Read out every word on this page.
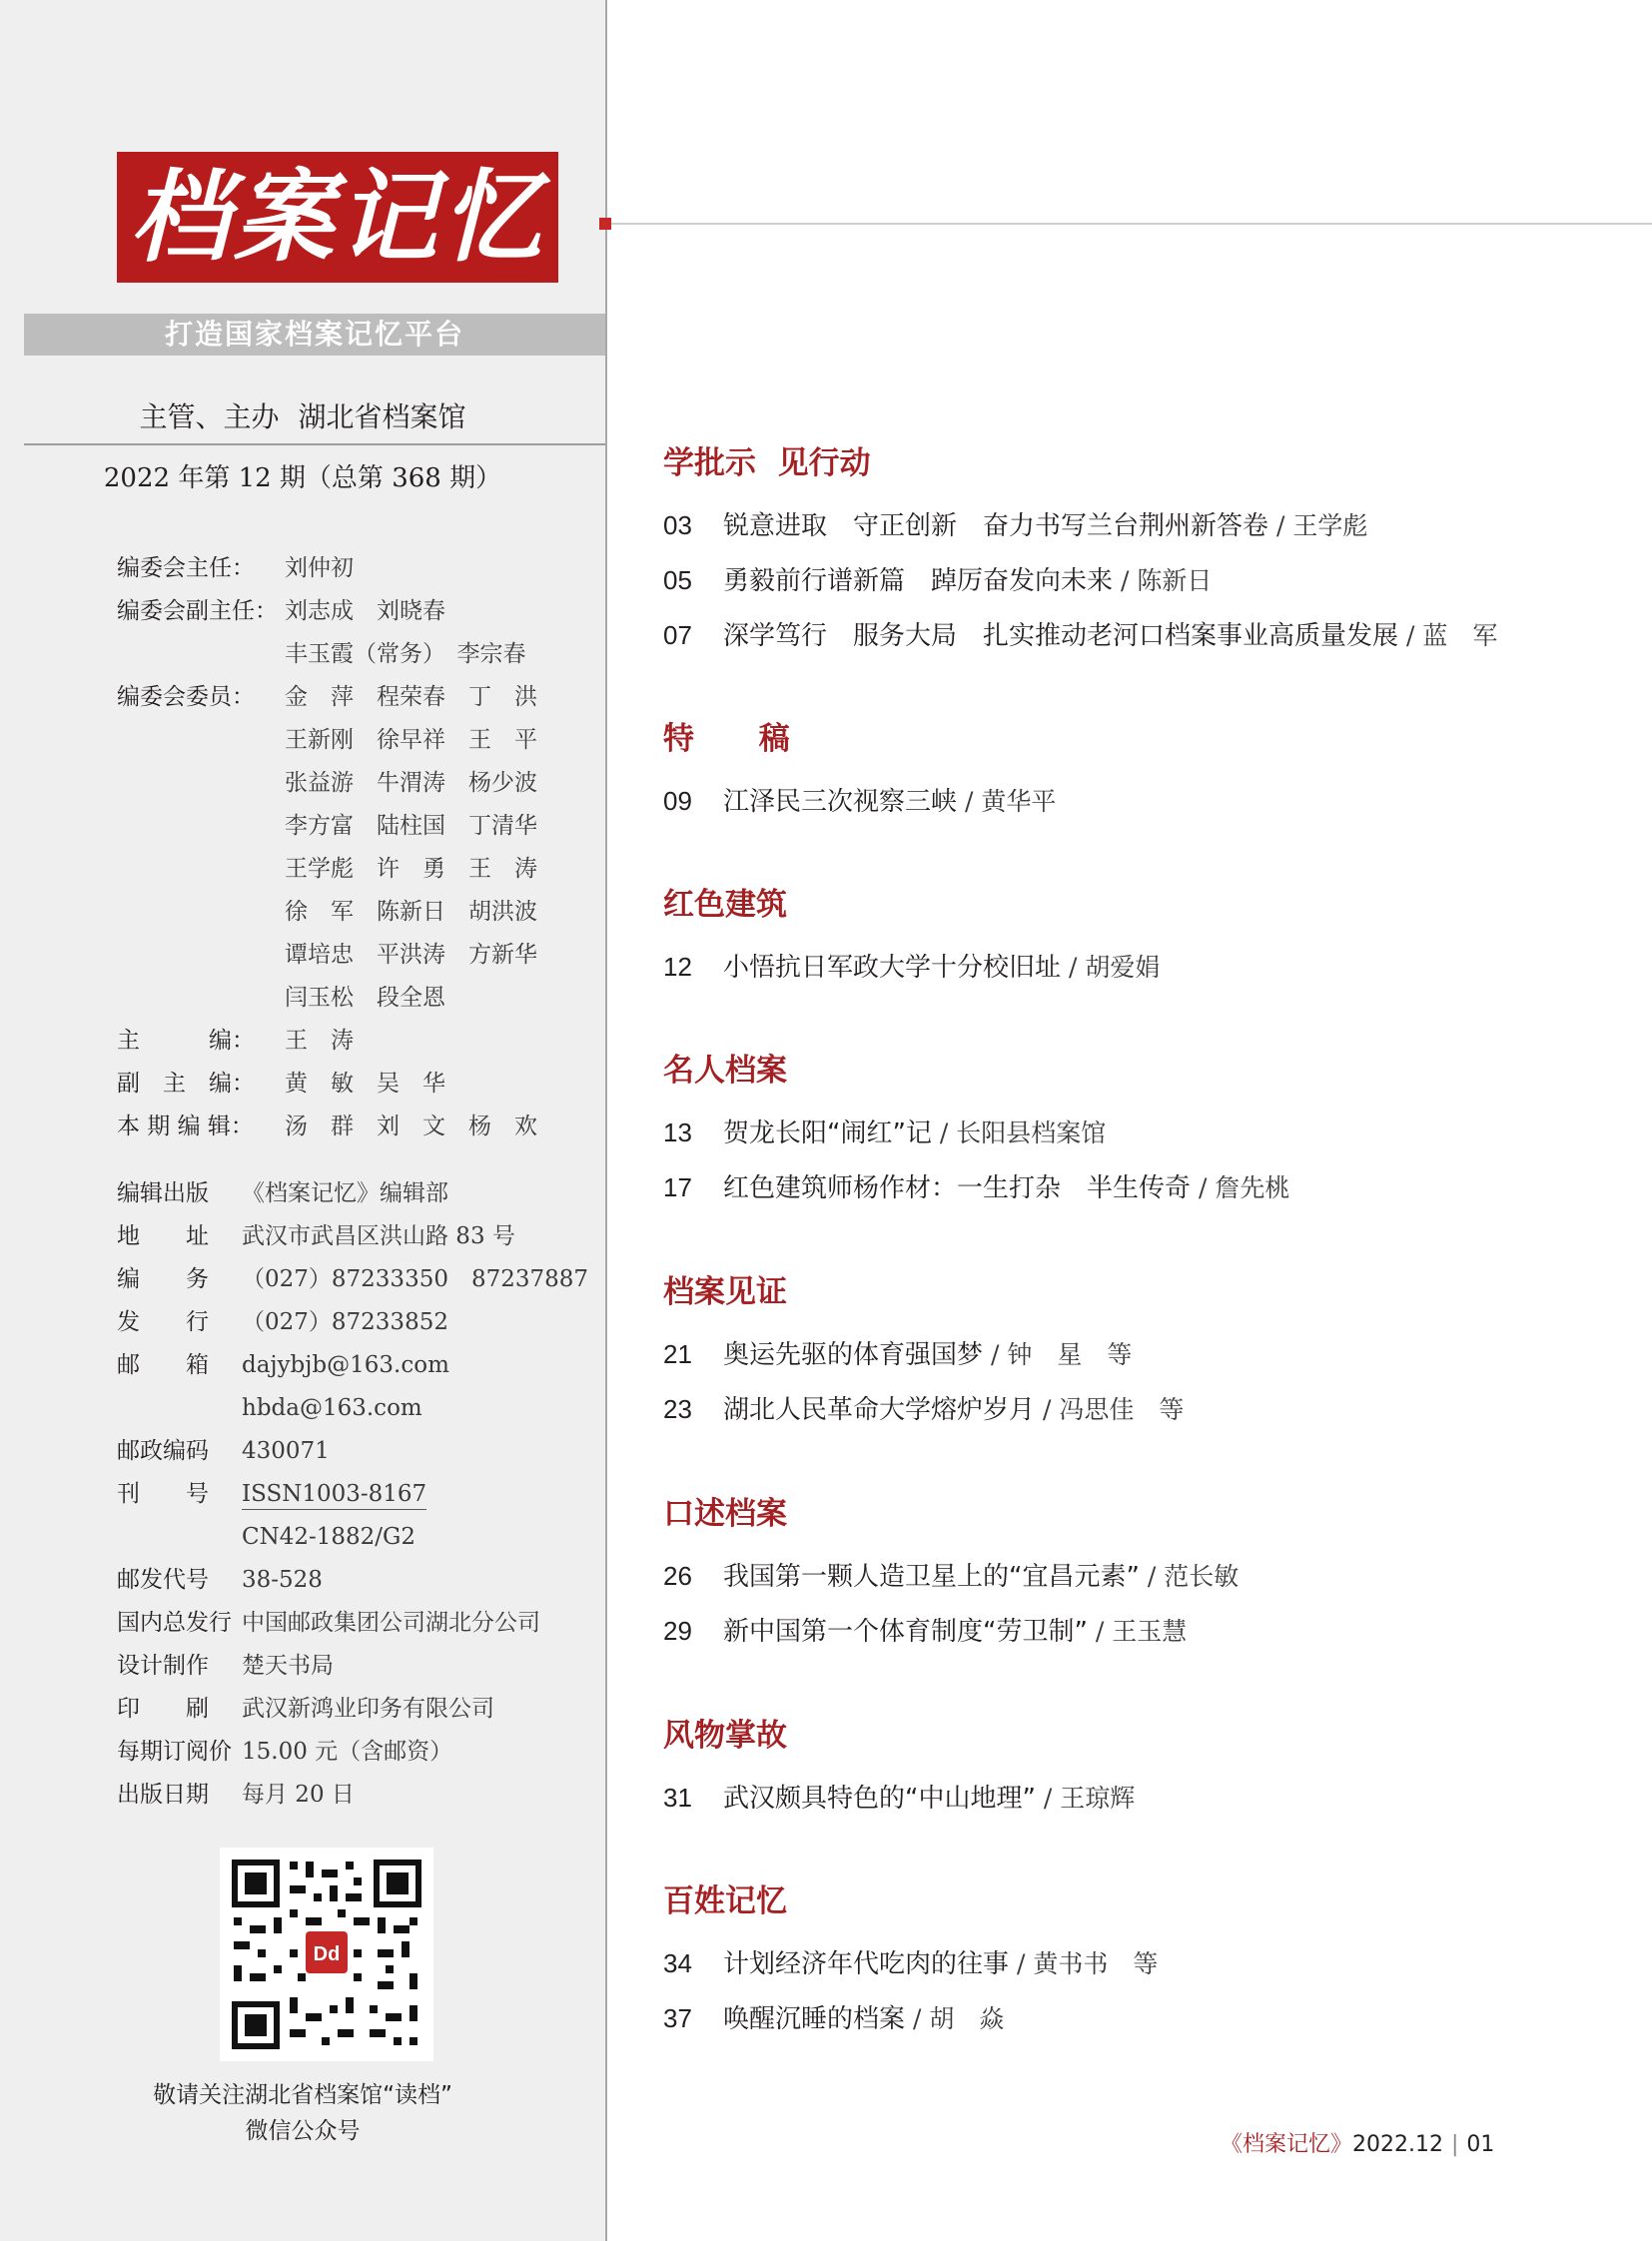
档案记忆
打造国家档案记忆平台
主管、主办 湖北省档案馆
2022 年第 12 期（总第 368 期）
编委会主任： 刘仲初
编委会副主任： 刘志成　刘晓春
丰玉霞（常务）　李宗春
编委会委员： 金　萍　程荣春　丁　洪
王新刚　徐早祥　王　平
张益游　牛渭涛　杨少波
李方富　陆柱国　丁清华
王学彪　许　勇　王　涛
徐　军　陈新日　胡洪波
谭培忠　平洪涛　方新华
闫玉松　段全恩
主　　　编： 王　涛
副　主　编： 黄　敏　吴　华
本 期 编 辑： 汤　群　刘　文　杨　欢
编辑出版 《档案记忆》编辑部
地　　址 武汉市武昌区洪山路 83 号
编　　务 （027）87233350　87237887
发　　行 （027）87233852
邮　　箱 dajybjb@163.com
hbda@163.com
邮政编码 430071
刊　　号 ISSN1003-8167
CN42-1882/G2
邮发代号 38-528
国内总发行 中国邮政集团公司湖北分公司
设计制作 楚天书局
印　　刷 武汉新鸿业印务有限公司
每期订阅价 15.00 元（含邮资）
出版日期 每月 20 日
Dd
敬请关注湖北省档案馆“读档”
微信公众号
学批示  见行动
03 锐意进取　守正创新　奋力书写兰台荆州新答卷 / 王学彪
05 勇毅前行谱新篇　踔厉奋发向未来 / 陈新日
07 深学笃行　服务大局　扎实推动老河口档案事业高质量发展 / 蓝　军
特      稿
09 江泽民三次视察三峡 / 黄华平
红色建筑
12 小悟抗日军政大学十分校旧址 / 胡爱娟
名人档案
13 贺龙长阳“闹红”记 / 长阳县档案馆
17 红色建筑师杨作材：一生打杂　半生传奇 / 詹先桃
档案见证
21 奥运先驱的体育强国梦 / 钟　星　等
23 湖北人民革命大学熔炉岁月 / 冯思佳　等
口述档案
26 我国第一颗人造卫星上的“宜昌元素” / 范长敏
29 新中国第一个体育制度“劳卫制” / 王玉慧
风物掌故
31 武汉颇具特色的“中山地理” / 王琼辉
百姓记忆
34 计划经济年代吃肉的往事 / 黄书书　等
37 唤醒沉睡的档案 / 胡　焱
《档案记忆》2022.12 | 01
